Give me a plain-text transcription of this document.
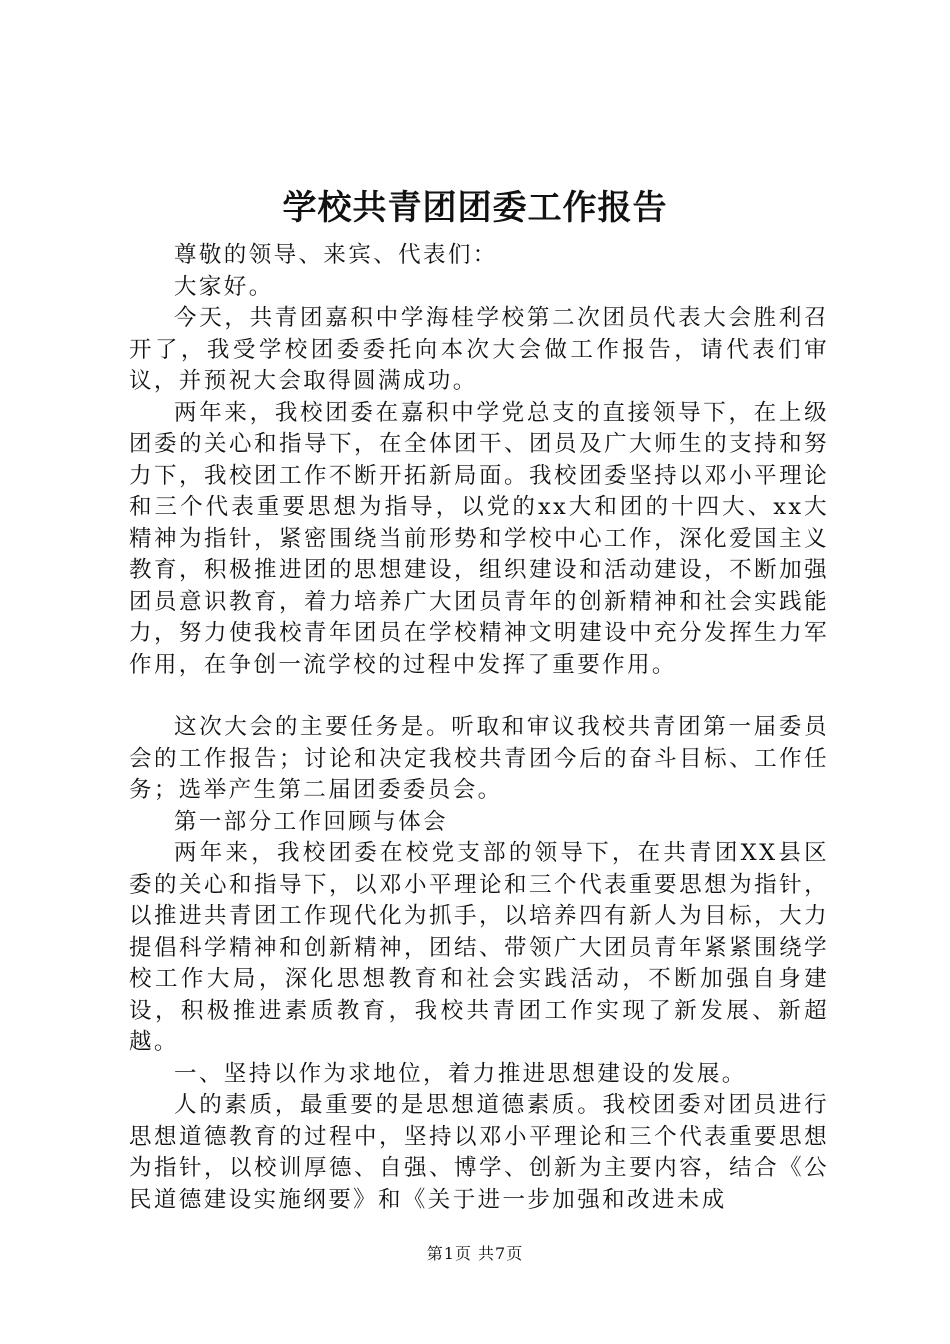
学校共青团团委工作报告

尊敬的领导、来宾、代表们：

大家好。

今天，共青团嘉积中学海桂学校第二次团员代表大会胜利召开了，我受学校团委委托向本次大会做工作报告，请代表们审议，并预祝大会取得圆满成功。

两年来，我校团委在嘉积中学党总支的直接领导下，在上级团委的关心和指导下，在全体团干、团员及广大师生的支持和努力下，我校团工作不断开拓新局面。我校团委坚持以邓小平理论和三个代表重要思想为指导，以党的xx大和团的十四大、xx大精神为指针，紧密围绕当前形势和学校中心工作，深化爱国主义教育，积极推进团的思想建设，组织建设和活动建设，不断加强团员意识教育，着力培养广大团员青年的创新精神和社会实践能力，努力使我校青年团员在学校精神文明建设中充分发挥生力军作用，在争创一流学校的过程中发挥了重要作用。

这次大会的主要任务是。听取和审议我校共青团第一届委员会的工作报告；讨论和决定我校共青团今后的奋斗目标、工作任务；选举产生第二届团委委员会。

第一部分工作回顾与体会

两年来，我校团委在校党支部的领导下，在共青团XX县区委的关心和指导下，以邓小平理论和三个代表重要思想为指针，以推进共青团工作现代化为抓手，以培养四有新人为目标，大力提倡科学精神和创新精神，团结、带领广大团员青年紧紧围绕学校工作大局，深化思想教育和社会实践活动，不断加强自身建设，积极推进素质教育，我校共青团工作实现了新发展、新超越。

一、坚持以作为求地位，着力推进思想建设的发展。

人的素质，最重要的是思想道德素质。我校团委对团员进行思想道德教育的过程中，坚持以邓小平理论和三个代表重要思想为指针，以校训厚德、自强、博学、创新为主要内容，结合《公民道德建设实施纲要》和《关于进一步加强和改进未成

第1页 共7页
